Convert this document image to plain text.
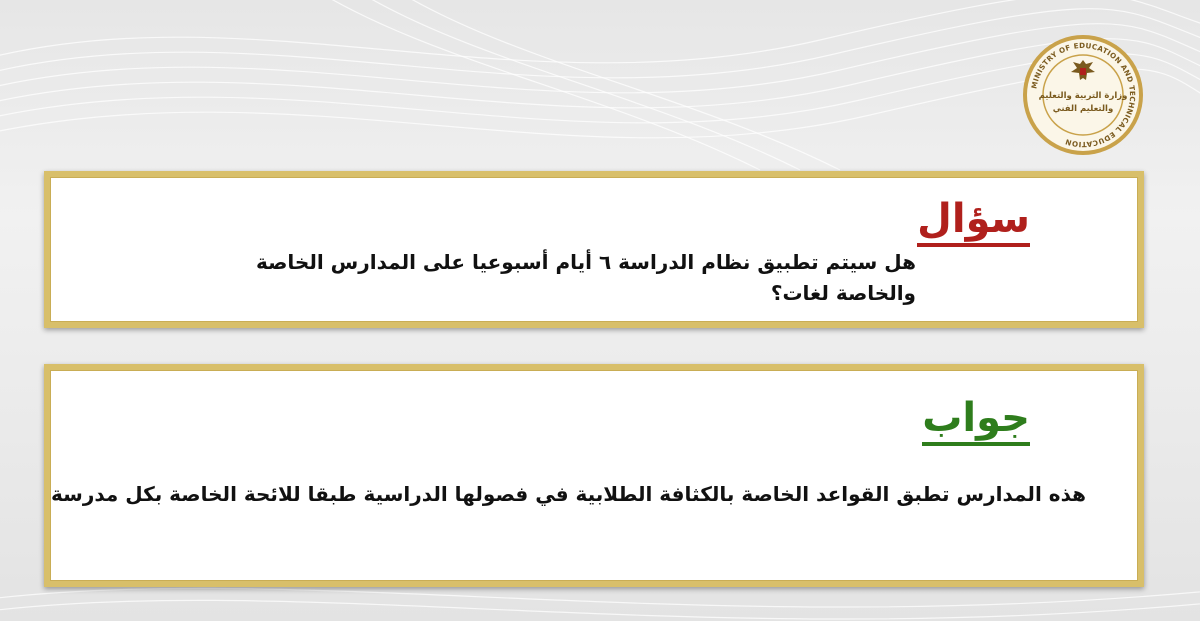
MINISTRY OF EDUCATION AND TECHNICAL EDUCATION
وزارة التربية والتعليم
والتعليم الفني
سؤال
هل سيتم تطبيق نظام الدراسة ٦ أيام أسبوعيا على المدارس الخاصة والخاصة لغات؟
جواب
هذه المدارس تطبق القواعد الخاصة بالكثافة الطلابية في فصولها الدراسية طبقا للائحة الخاصة بكل مدرسة
